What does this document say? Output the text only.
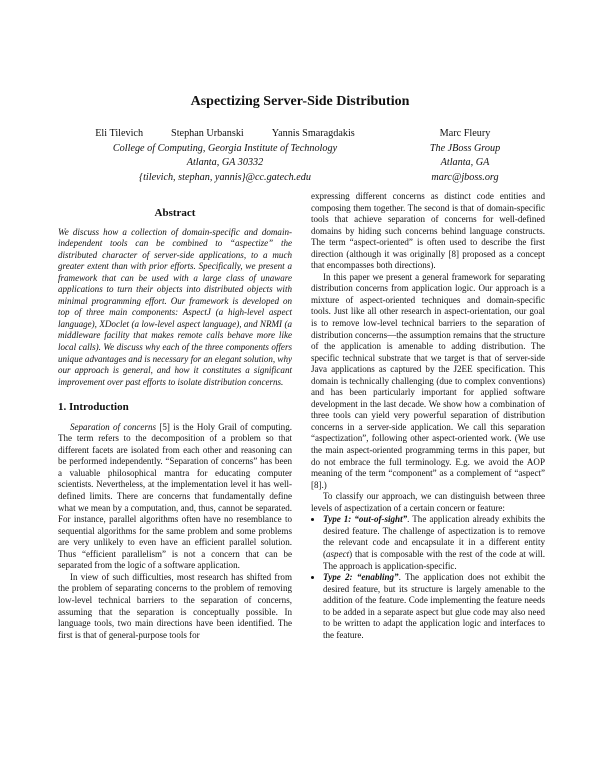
Aspectizing Server-Side Distribution
Eli Tilevich	Stephan Urbanski	Yannis Smaragdakis
College of Computing, Georgia Institute of Technology
Atlanta, GA 30332
{tilevich, stephan, yannis}@cc.gatech.edu
Marc Fleury
The JBoss Group
Atlanta, GA
marc@jboss.org
Abstract

We discuss how a collection of domain-specific and domain-independent tools can be combined to “aspectize” the distributed character of server-side applications, to a much greater extent than with prior efforts. Specifically, we present a framework that can be used with a large class of unaware applications to turn their objects into distributed objects with minimal programming effort. Our framework is developed on top of three main components: AspectJ (a high-level aspect language), XDoclet (a low-level aspect language), and NRMI (a middleware facility that makes remote calls behave more like local calls). We discuss why each of the three components offers unique advantages and is necessary for an elegant solution, why our approach is general, and how it constitutes a significant improvement over past efforts to isolate distribution concerns.

1. Introduction

Separation of concerns [5] is the Holy Grail of computing. The term refers to the decomposition of a problem so that different facets are isolated from each other and reasoning can be performed independently. “Separation of concerns” has been a valuable philosophical mantra for educating computer scientists. Nevertheless, at the implementation level it has well-defined limits. There are concerns that fundamentally define what we mean by a computation, and, thus, cannot be separated. For instance, parallel algorithms often have no resemblance to sequential algorithms for the same problem and some problems are very unlikely to even have an efficient parallel solution. Thus “efficient parallelism” is not a concern that can be separated from the logic of a software application.

In view of such difficulties, most research has shifted from the problem of separating concerns to the problem of removing low-level technical barriers to the separation of concerns, assuming that the separation is conceptually possible. In language tools, two main directions have been identified. The first is that of general-purpose tools for

expressing different concerns as distinct code entities and composing them together. The second is that of domain-specific tools that achieve separation of concerns for well-defined domains by hiding such concerns behind language constructs. The term “aspect-oriented” is often used to describe the first direction (although it was originally [8] proposed as a concept that encompasses both directions).

In this paper we present a general framework for separating distribution concerns from application logic. Our approach is a mixture of aspect-oriented techniques and domain-specific tools. Just like all other research in aspect-orientation, our goal is to remove low-level technical barriers to the separation of distribution concerns—the assumption remains that the structure of the application is amenable to adding distribution. The specific technical substrate that we target is that of server-side Java applications as captured by the J2EE specification. This domain is technically challenging (due to complex conventions) and has been particularly important for applied software development in the last decade. We show how a combination of three tools can yield very powerful separation of distribution concerns in a server-side application. We call this separation “aspectization”, following other aspect-oriented work. (We use the main aspect-oriented programming terms in this paper, but do not embrace the full terminology. E.g. we avoid the AOP meaning of the term “component” as a complement of “aspect” [8].)

To classify our approach, we can distinguish between three levels of aspectization of a certain concern or feature:

• Type 1: “out-of-sight”. The application already exhibits the desired feature. The challenge of aspectization is to remove the relevant code and encapsulate it in a different entity (aspect) that is composable with the rest of the code at will. The approach is application-specific.
• Type 2: “enabling”. The application does not exhibit the desired feature, but its structure is largely amenable to the addition of the feature. Code implementing the feature needs to be added in a separate aspect but glue code may also need to be written to adapt the application logic and interfaces to the feature.
